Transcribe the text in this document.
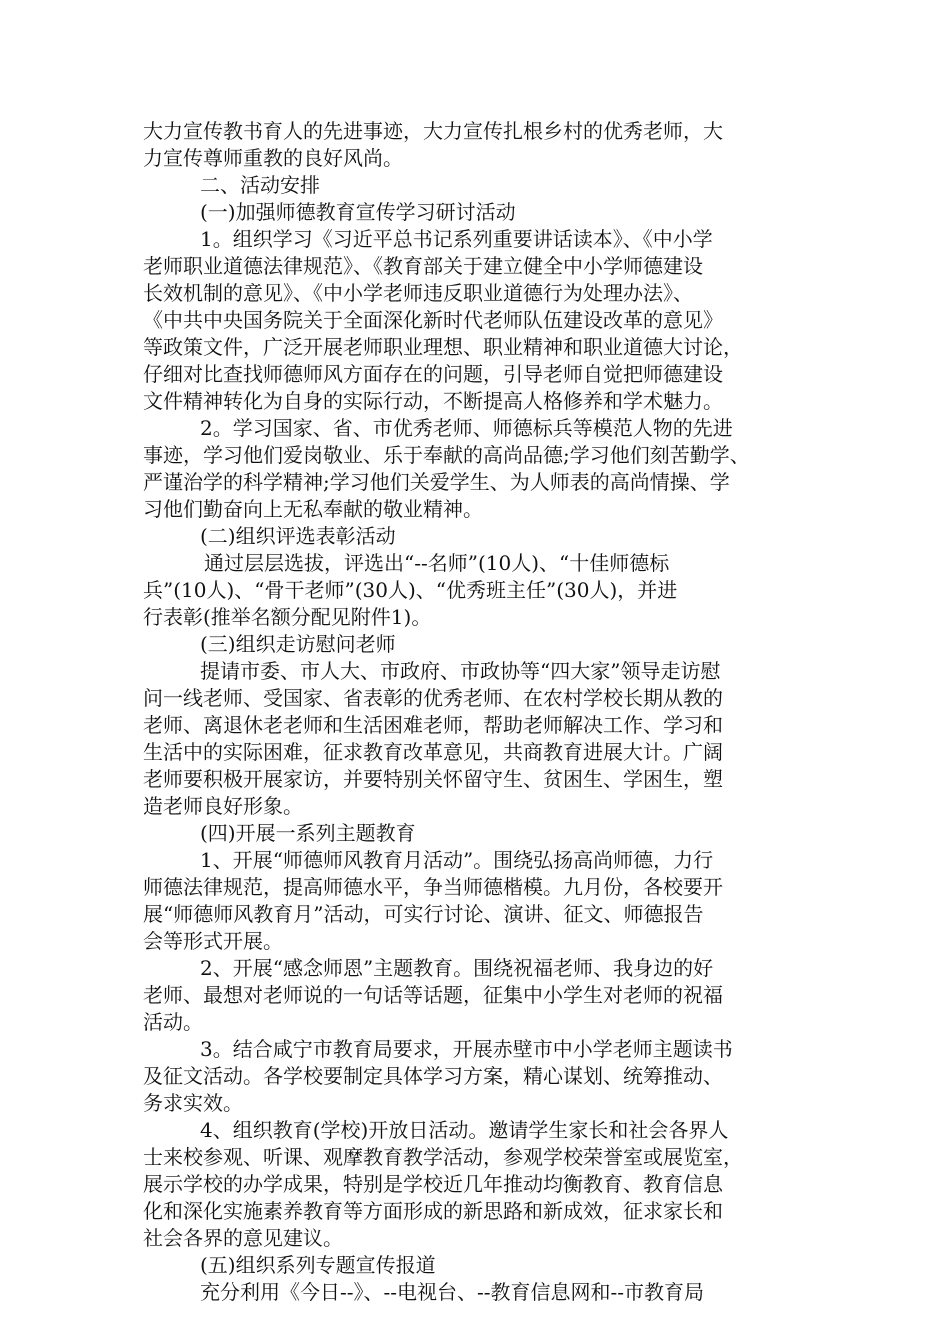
大力宣传教书育人的先进事迹，大力宣传扎根乡村的优秀老师，大
力宣传尊师重教的良好风尚。
二、活动安排
(一)加强师德教育宣传学习研讨活动
1。组织学习《习近平总书记系列重要讲话读本》、《中小学
老师职业道德法律规范》、《教育部关于建立健全中小学师德建设
长效机制的意见》、《中小学老师违反职业道德行为处理办法》、
《中共中央国务院关于全面深化新时代老师队伍建设改革的意见》
等政策文件，广泛开展老师职业理想、职业精神和职业道德大讨论，
仔细对比查找师德师风方面存在的问题，引导老师自觉把师德建设
文件精神转化为自身的实际行动，不断提高人格修养和学术魅力。
2。学习国家、省、市优秀老师、师德标兵等模范人物的先进
事迹，学习他们爱岗敬业、乐于奉献的高尚品德;学习他们刻苦勤学、
严谨治学的科学精神;学习他们关爱学生、为人师表的高尚情操、学
习他们勤奋向上无私奉献的敬业精神。
(二)组织评选表彰活动
通过层层选拔，评选出“--名师”(10人)、“十佳师德标
兵”(10人)、“骨干老师”(30人)、“优秀班主任”(30人)，并进
行表彰(推举名额分配见附件1)。
(三)组织走访慰问老师
提请市委、市人大、市政府、市政协等“四大家”领导走访慰
问一线老师、受国家、省表彰的优秀老师、在农村学校长期从教的
老师、离退休老老师和生活困难老师，帮助老师解决工作、学习和
生活中的实际困难，征求教育改革意见，共商教育进展大计。广阔
老师要积极开展家访，并要特别关怀留守生、贫困生、学困生，塑
造老师良好形象。
(四)开展一系列主题教育
1、开展“师德师风教育月活动”。围绕弘扬高尚师德，力行
师德法律规范，提高师德水平，争当师德楷模。九月份，各校要开
展“师德师风教育月”活动，可实行讨论、演讲、征文、师德报告
会等形式开展。
2、开展“感念师恩”主题教育。围绕祝福老师、我身边的好
老师、最想对老师说的一句话等话题，征集中小学生对老师的祝福
活动。
3。结合咸宁市教育局要求，开展赤壁市中小学老师主题读书
及征文活动。各学校要制定具体学习方案，精心谋划、统筹推动、
务求实效。
4、组织教育(学校)开放日活动。邀请学生家长和社会各界人
士来校参观、听课、观摩教育教学活动，参观学校荣誉室或展览室，
展示学校的办学成果，特别是学校近几年推动均衡教育、教育信息
化和深化实施素养教育等方面形成的新思路和新成效，征求家长和
社会各界的意见建议。
(五)组织系列专题宣传报道
充分利用《今日--》、--电视台、--教育信息网和--市教育局
